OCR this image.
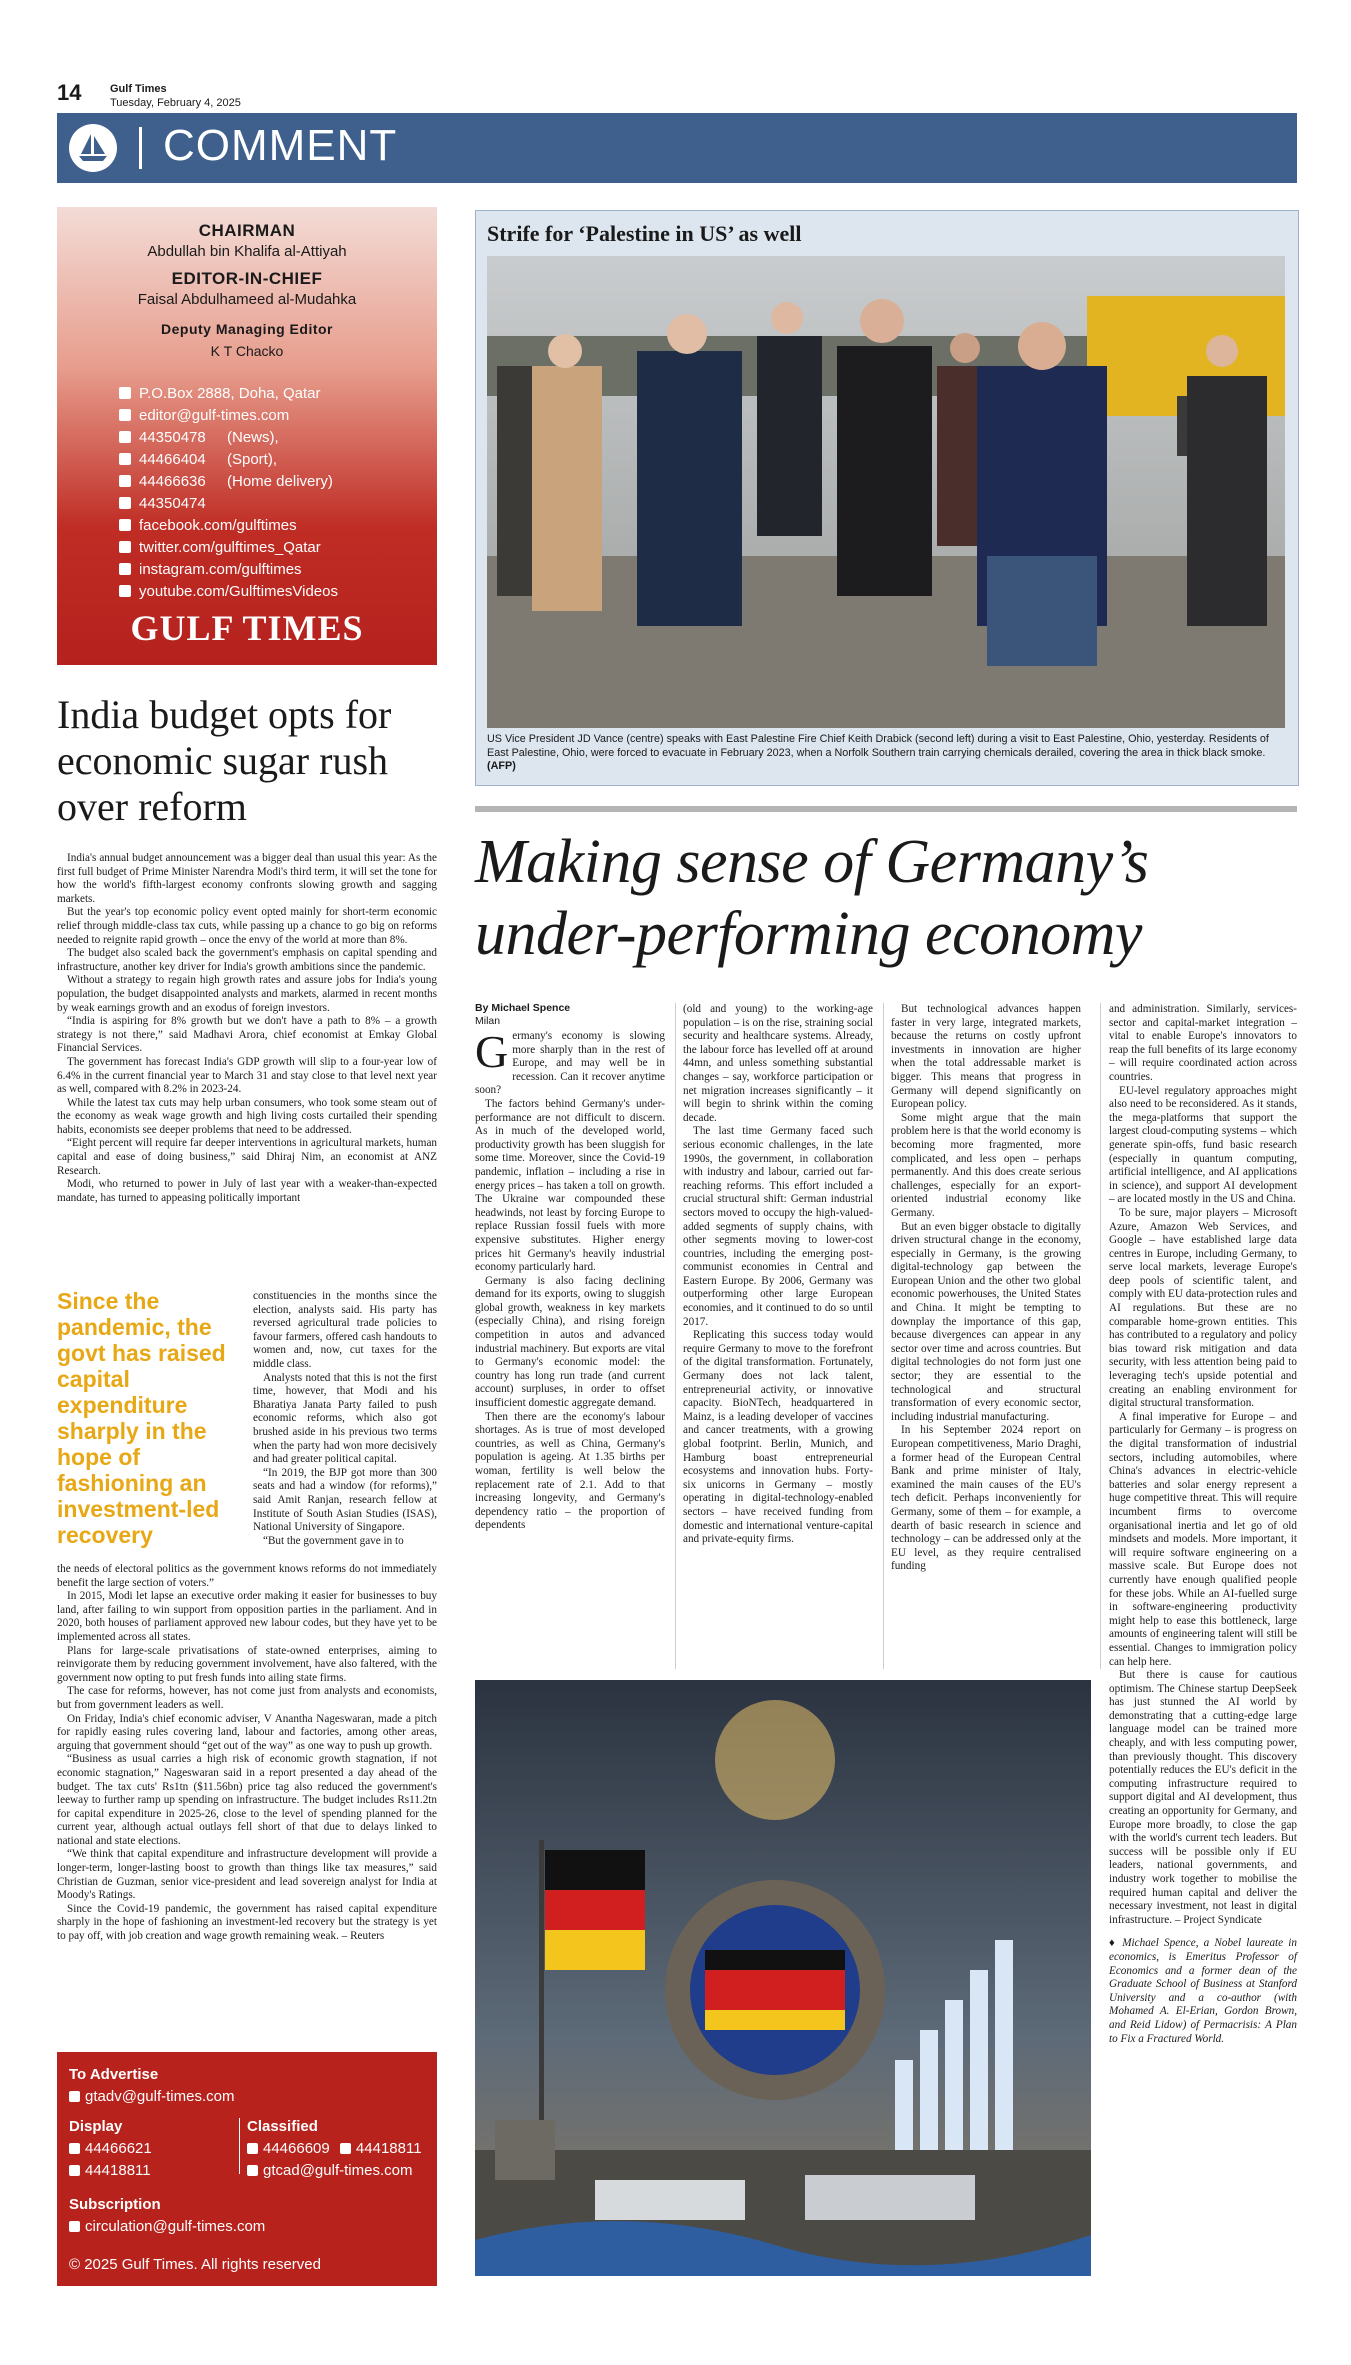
14	Gulf Times
Tuesday, February 4, 2025
COMMENT
CHAIRMAN
Abdullah bin Khalifa al-Attiyah
EDITOR-IN-CHIEF
Faisal Abdulhameed al-Mudahka
Deputy Managing Editor
K T Chacko
P.O.Box 2888, Doha, Qatar
editor@gulf-times.com
44350478 (News),
44466404 (Sport),
44466636 (Home delivery)
44350474
facebook.com/gulftimes
twitter.com/gulftimes_Qatar
instagram.com/gulftimes
youtube.com/GulftimesVideos
GULF TIMES
India budget opts for economic sugar rush over reform

India's annual budget announcement was a bigger deal than usual this year: As the first full budget of Prime Minister Narendra Modi's third term, it will set the tone for how the world's fifth-largest economy confronts slowing growth and sagging markets.

But the year's top economic policy event opted mainly for short-term economic relief through middle-class tax cuts, while passing up a chance to go big on reforms needed to reignite rapid growth – once the envy of the world at more than 8%.

The budget also scaled back the government's emphasis on capital spending and infrastructure, another key driver for India's growth ambitions since the pandemic.

Without a strategy to regain high growth rates and assure jobs for India's young population, the budget disappointed analysts and markets, alarmed in recent months by weak earnings growth and an exodus of foreign investors.

“India is aspiring for 8% growth but we don't have a path to 8% – a growth strategy is not there,” said Madhavi Arora, chief economist at Emkay Global Financial Services.

The government has forecast India's GDP growth will slip to a four-year low of 6.4% in the current financial year to March 31 and stay close to that level next year as well, compared with 8.2% in 2023-24.

While the latest tax cuts may help urban consumers, who took some steam out of the economy as weak wage growth and high living costs curtailed their spending habits, economists see deeper problems that need to be addressed.

“Eight percent will require far deeper interventions in agricultural markets, human capital and ease of doing business,” said Dhiraj Nim, an economist at ANZ Research.

Modi, who returned to power in July of last year with a weaker-than-expected mandate, has turned to appeasing politically important

Since the pandemic, the govt has raised capital expenditure sharply in the hope of fashioning an investment-led recovery

constituencies in the months since the election, analysts said. His party has reversed agricultural trade policies to favour farmers, offered cash handouts to women and, now, cut taxes for the middle class.

Analysts noted that this is not the first time, however, that Modi and his Bharatiya Janata Party failed to push economic reforms, which also got brushed aside in his previous two terms when the party had won more decisively and had greater political capital.

“In 2019, the BJP got more than 300 seats and had a window (for reforms),” said Amit Ranjan, research fellow at Institute of South Asian Studies (ISAS), National University of Singapore.

“But the government gave in to

the needs of electoral politics as the government knows reforms do not immediately benefit the large section of voters.”

In 2015, Modi let lapse an executive order making it easier for businesses to buy land, after failing to win support from opposition parties in the parliament. And in 2020, both houses of parliament approved new labour codes, but they have yet to be implemented across all states.

Plans for large-scale privatisations of state-owned enterprises, aiming to reinvigorate them by reducing government involvement, have also faltered, with the government now opting to put fresh funds into ailing state firms.

The case for reforms, however, has not come just from analysts and economists, but from government leaders as well.

On Friday, India's chief economic adviser, V Anantha Nageswaran, made a pitch for rapidly easing rules covering land, labour and factories, among other areas, arguing that government should “get out of the way” as one way to push up growth.

“Business as usual carries a high risk of economic growth stagnation, if not economic stagnation,” Nageswaran said in a report presented a day ahead of the budget. The tax cuts' Rs1tn ($11.56bn) price tag also reduced the government's leeway to further ramp up spending on infrastructure. The budget includes Rs11.2tn for capital expenditure in 2025-26, close to the level of spending planned for the current year, although actual outlays fell short of that due to delays linked to national and state elections.

“We think that capital expenditure and infrastructure development will provide a longer-term, longer-lasting boost to growth than things like tax measures,” said Christian de Guzman, senior vice-president and lead sovereign analyst for India at Moody's Ratings.

Since the Covid-19 pandemic, the government has raised capital expenditure sharply in the hope of fashioning an investment-led recovery but the strategy is yet to pay off, with job creation and wage growth remaining weak. – Reuters

To Advertise
gtadv@gulf-times.com
Display
44466621
44418811
Classified
44466609 44418811
gtcad@gulf-times.com
Subscription
circulation@gulf-times.com
© 2025 Gulf Times. All rights reserved
Strife for ‘Palestine in US’ as well
US Vice President JD Vance (centre) speaks with East Palestine Fire Chief Keith Drabick (second left) during a visit to East Palestine, Ohio, yesterday. Residents of East Palestine, Ohio, were forced to evacuate in February 2023, when a Norfolk Southern train carrying chemicals derailed, covering the area in thick black smoke. (AFP)
Making sense of Germany’s under-performing economy
By Michael Spence
Milan

Germany's economy is slowing more sharply than in the rest of Europe, and may well be in recession. Can it recover anytime soon?

The factors behind Germany's under-performance are not difficult to discern. As in much of the developed world, productivity growth has been sluggish for some time. Moreover, since the Covid-19 pandemic, inflation – including a rise in energy prices – has taken a toll on growth. The Ukraine war compounded these headwinds, not least by forcing Europe to replace Russian fossil fuels with more expensive substitutes. Higher energy prices hit Germany's heavily industrial economy particularly hard.

Germany is also facing declining demand for its exports, owing to sluggish global growth, weakness in key markets (especially China), and rising foreign competition in autos and advanced industrial machinery. But exports are vital to Germany's economic model: the country has long run trade (and current account) surpluses, in order to offset insufficient domestic aggregate demand.

Then there are the economy's labour shortages. As is true of most developed countries, as well as China, Germany's population is ageing. At 1.35 births per woman, fertility is well below the replacement rate of 2.1. Add to that increasing longevity, and Germany's dependency ratio – the proportion of dependents

(old and young) to the working-age population – is on the rise, straining social security and healthcare systems. Already, the labour force has levelled off at around 44mn, and unless something substantial changes – say, workforce participation or net migration increases significantly – it will begin to shrink within the coming decade.

The last time Germany faced such serious economic challenges, in the late 1990s, the government, in collaboration with industry and labour, carried out far-reaching reforms. This effort included a crucial structural shift: German industrial sectors moved to occupy the high-valued-added segments of supply chains, with other segments moving to lower-cost countries, including the emerging post-communist economies in Central and Eastern Europe. By 2006, Germany was outperforming other large European economies, and it continued to do so until 2017.

Replicating this success today would require Germany to move to the forefront of the digital transformation. Fortunately, Germany does not lack talent, entrepreneurial activity, or innovative capacity. BioNTech, headquartered in Mainz, is a leading developer of vaccines and cancer treatments, with a growing global footprint. Berlin, Munich, and Hamburg boast entrepreneurial ecosystems and innovation hubs. Forty-six unicorns in Germany – mostly operating in digital-technology-enabled sectors – have received funding from domestic and international venture-capital and private-equity firms.

But technological advances happen faster in very large, integrated markets, because the returns on costly upfront investments in innovation are higher when the total addressable market is bigger. This means that progress in Germany will depend significantly on European policy.

Some might argue that the main problem here is that the world economy is becoming more fragmented, more complicated, and less open – perhaps permanently. And this does create serious challenges, especially for an export-oriented industrial economy like Germany.

But an even bigger obstacle to digitally driven structural change in the economy, especially in Germany, is the growing digital-technology gap between the European Union and the other two global economic powerhouses, the United States and China. It might be tempting to downplay the importance of this gap, because divergences can appear in any sector over time and across countries. But digital technologies do not form just one sector; they are essential to the technological and structural transformation of every economic sector, including industrial manufacturing.

In his September 2024 report on European competitiveness, Mario Draghi, a former head of the European Central Bank and prime minister of Italy, examined the main causes of the EU's tech deficit. Perhaps inconveniently for Germany, some of them – for example, a dearth of basic research in science and technology – can be addressed only at the EU level, as they require centralised funding

and administration. Similarly, services-sector and capital-market integration – vital to enable Europe's innovators to reap the full benefits of its large economy – will require coordinated action across countries.

EU-level regulatory approaches might also need to be reconsidered. As it stands, the mega-platforms that support the largest cloud-computing systems – which generate spin-offs, fund basic research (especially in quantum computing, artificial intelligence, and AI applications in science), and support AI development – are located mostly in the US and China.

To be sure, major players – Microsoft Azure, Amazon Web Services, and Google – have established large data centres in Europe, including Germany, to serve local markets, leverage Europe's deep pools of scientific talent, and comply with EU data-protection rules and AI regulations. But these are no comparable home-grown entities. This has contributed to a regulatory and policy bias toward risk mitigation and data security, with less attention being paid to leveraging tech's upside potential and creating an enabling environment for digital structural transformation.

A final imperative for Europe – and particularly for Germany – is progress on the digital transformation of industrial sectors, including automobiles, where China's advances in electric-vehicle batteries and solar energy represent a huge competitive threat. This will require incumbent firms to overcome organisational inertia and let go of old mindsets and models. More important, it will require software engineering on a massive scale. But Europe does not currently have enough qualified people for these jobs. While an AI-fuelled surge in software-engineering productivity might help to ease this bottleneck, large amounts of engineering talent will still be essential. Changes to immigration policy can help here.

But there is cause for cautious optimism. The Chinese startup DeepSeek has just stunned the AI world by demonstrating that a cutting-edge large language model can be trained more cheaply, and with less computing power, than previously thought. This discovery potentially reduces the EU's deficit in the computing infrastructure required to support digital and AI development, thus creating an opportunity for Germany, and Europe more broadly, to close the gap with the world's current tech leaders. But success will be possible only if EU leaders, national governments, and industry work together to mobilise the required human capital and deliver the necessary investment, not least in digital infrastructure. – Project Syndicate

♦ Michael Spence, a Nobel laureate in economics, is Emeritus Professor of Economics and a former dean of the Graduate School of Business at Stanford University and a co-author (with Mohamed A. El-Erian, Gordon Brown, and Reid Lidow) of Permacrisis: A Plan to Fix a Fractured World.
